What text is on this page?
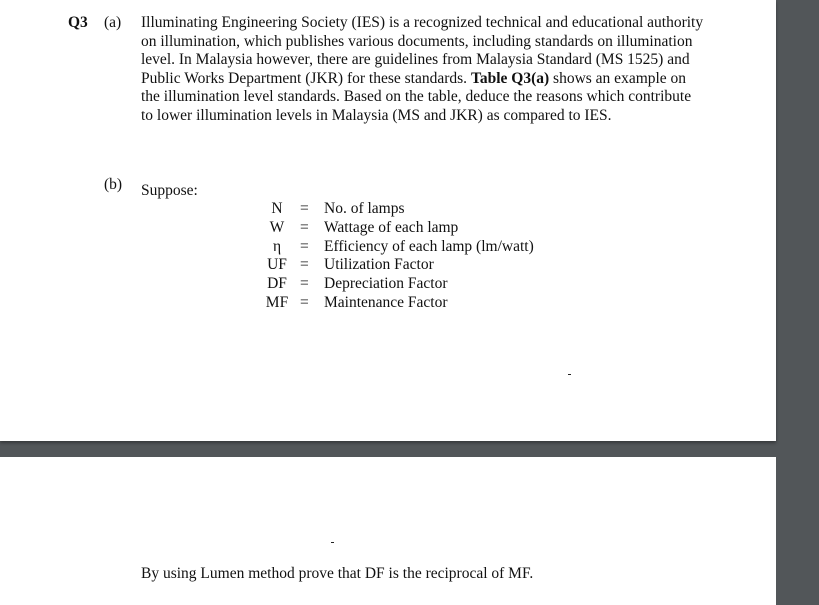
Q3 (a) Illuminating Engineering Society (IES) is a recognized technical and educational authority
on illumination, which publishes various documents, including standards on illumination
level. In Malaysia however, there are guidelines from Malaysia Standard (MS 1525) and
Public Works Department (JKR) for these standards. Table Q3(a) shows an example on
the illumination level standards. Based on the table, deduce the reasons which contribute
to lower illumination levels in Malaysia (MS and JKR) as compared to IES.
(b) Suppose:
N	= No. of lamps
W	= Wattage of each lamp
η	= Efficiency of each lamp (lm/watt)
UF = Utilization Factor
DF = Depreciation Factor
MF = Maintenance Factor
By using Lumen method prove that DF is the reciprocal of MF.
